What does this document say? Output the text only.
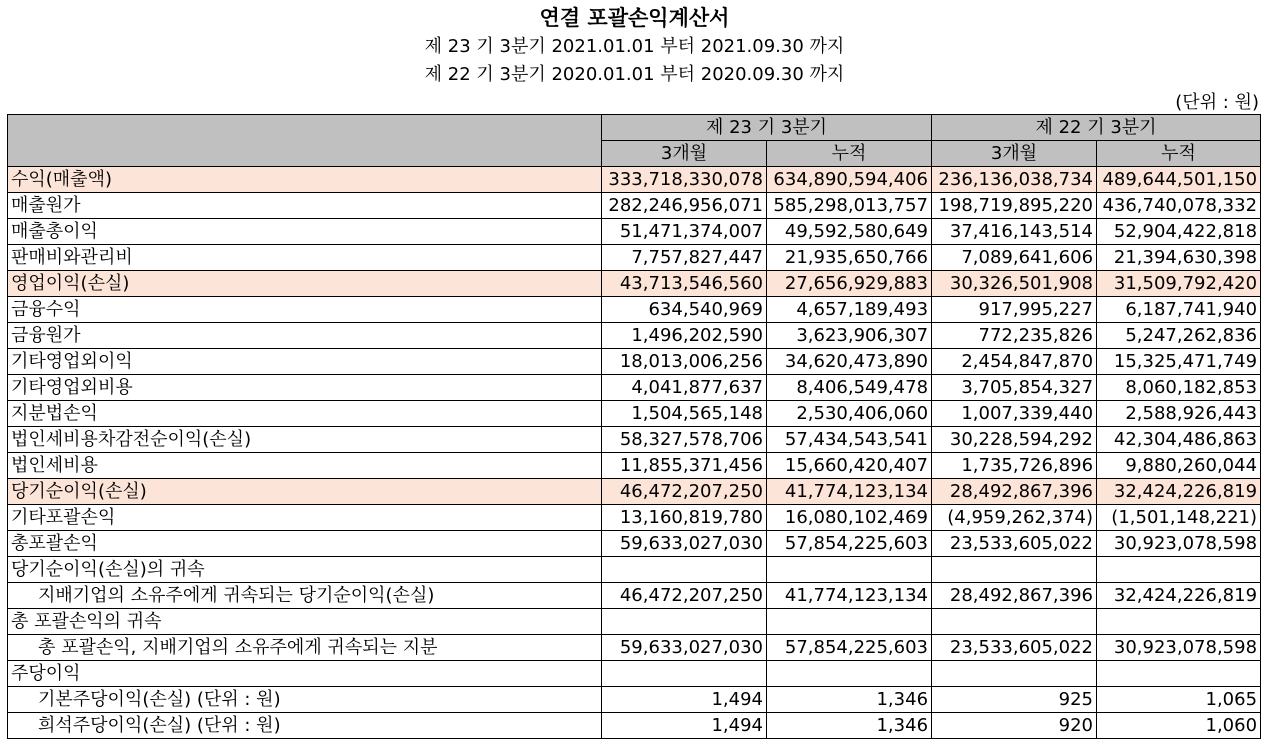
연결 포괄손익계산서
제 23 기 3분기 2021.01.01 부터 2021.09.30 까지
제 22 기 3분기 2020.01.01 부터 2020.09.30 까지
(단위 : 원)
	제 23 기 3분기		제 22 기 3분기	
	3개월	누적	3개월	누적
수익(매출액)	333,718,330,078	634,890,594,406	236,136,038,734	489,644,501,150
매출원가	282,246,956,071	585,298,013,757	198,719,895,220	436,740,078,332
매출총이익	51,471,374,007	49,592,580,649	37,416,143,514	52,904,422,818
판매비와관리비	7,757,827,447	21,935,650,766	7,089,641,606	21,394,630,398
영업이익(손실)	43,713,546,560	27,656,929,883	30,326,501,908	31,509,792,420
금융수익	634,540,969	4,657,189,493	917,995,227	6,187,741,940
금융원가	1,496,202,590	3,623,906,307	772,235,826	5,247,262,836
기타영업외이익	18,013,006,256	34,620,473,890	2,454,847,870	15,325,471,749
기타영업외비용	4,041,877,637	8,406,549,478	3,705,854,327	8,060,182,853
지분법손익	1,504,565,148	2,530,406,060	1,007,339,440	2,588,926,443
법인세비용차감전순이익(손실)	58,327,578,706	57,434,543,541	30,228,594,292	42,304,486,863
법인세비용	11,855,371,456	15,660,420,407	1,735,726,896	9,880,260,044
당기순이익(손실)	46,472,207,250	41,774,123,134	28,492,867,396	32,424,226,819
기타포괄손익	13,160,819,780	16,080,102,469	(4,959,262,374)	(1,501,148,221)
총포괄손익	59,633,027,030	57,854,225,603	23,533,605,022	30,923,078,598
당기순이익(손실)의 귀속				
지배기업의 소유주에게 귀속되는 당기순이익(손실)	46,472,207,250	41,774,123,134	28,492,867,396	32,424,226,819
총 포괄손익의 귀속				
총 포괄손익, 지배기업의 소유주에게 귀속되는 지분	59,633,027,030	57,854,225,603	23,533,605,022	30,923,078,598
주당이익				
기본주당이익(손실) (단위 : 원)	1,494	1,346	925	1,065
희석주당이익(손실) (단위 : 원)	1,494	1,346	920	1,060
